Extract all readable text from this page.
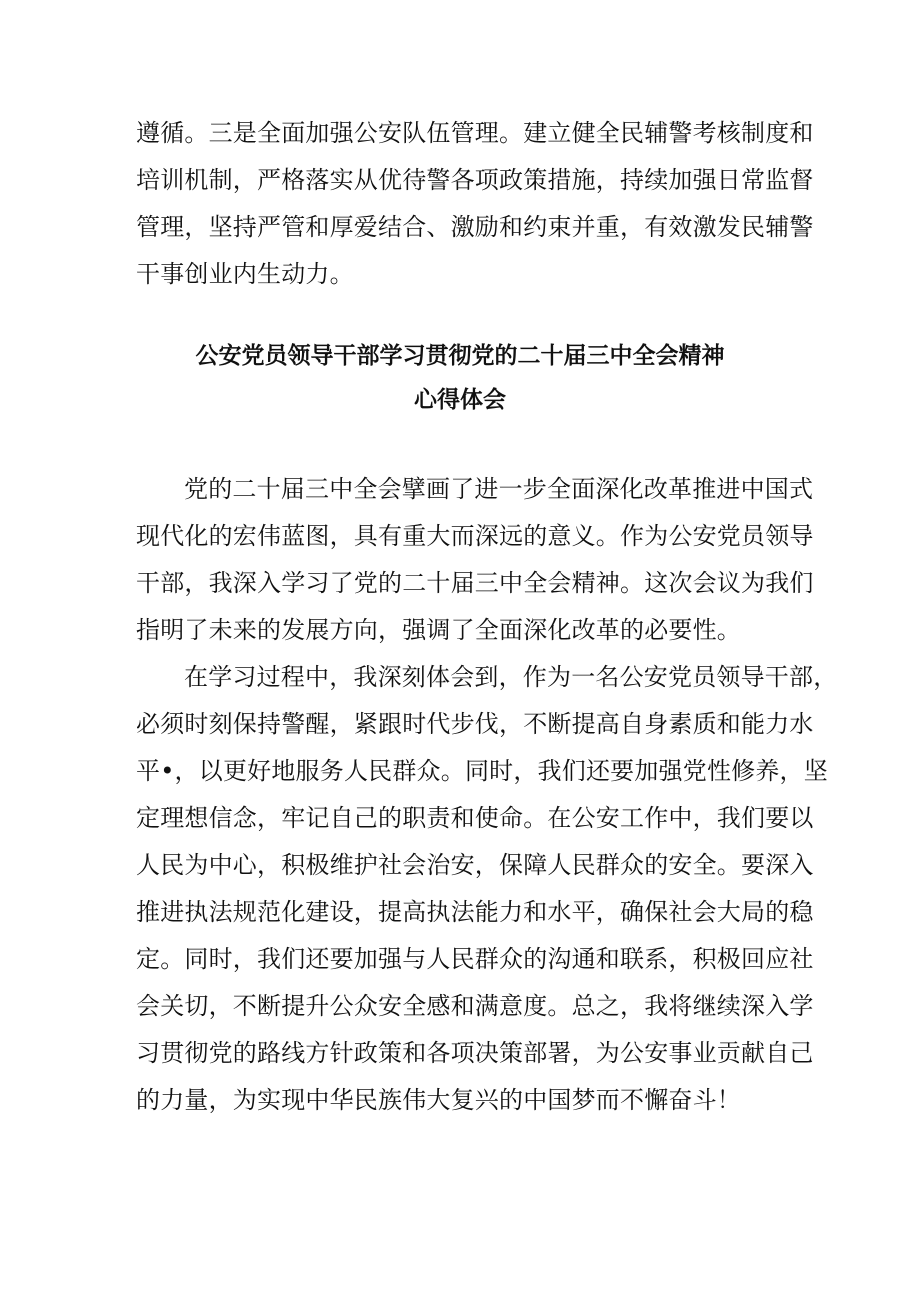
遵循。三是全面加强公安队伍管理。建立健全民辅警考核制度和
培训机制，严格落实从优待警各项政策措施，持续加强日常监督
管理，坚持严管和厚爱结合、激励和约束并重，有效激发民辅警
干事创业内生动力。
公安党员领导干部学习贯彻党的二十届三中全会精神
心得体会
党的二十届三中全会擘画了进一步全面深化改革推进中国式
现代化的宏伟蓝图，具有重大而深远的意义。作为公安党员领导
干部，我深入学习了党的二十届三中全会精神。这次会议为我们
指明了未来的发展方向，强调了全面深化改革的必要性。
在学习过程中，我深刻体会到，作为一名公安党员领导干部，
必须时刻保持警醒，紧跟时代步伐，不断提高自身素质和能力水
平•，以更好地服务人民群众。同时，我们还要加强党性修养，坚
定理想信念，牢记自己的职责和使命。在公安工作中，我们要以
人民为中心，积极维护社会治安，保障人民群众的安全。要深入
推进执法规范化建设，提高执法能力和水平，确保社会大局的稳
定。同时，我们还要加强与人民群众的沟通和联系，积极回应社
会关切，不断提升公众安全感和满意度。总之，我将继续深入学
习贯彻党的路线方针政策和各项决策部署，为公安事业贡献自己
的力量，为实现中华民族伟大复兴的中国梦而不懈奋斗！
